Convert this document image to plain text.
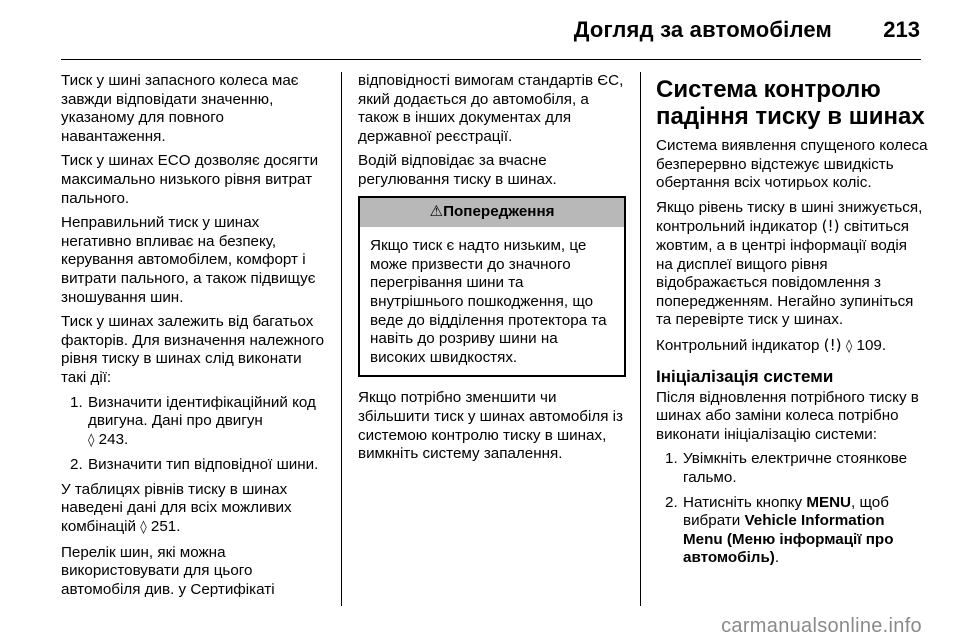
Догляд за автомобілем 213

Тиск у шині запасного колеса має завжди відповідати значенню, указаному для повного навантаження.

Тиск у шинах ECO дозволяє досягти максимально низького рівня витрат пального.

Неправильний тиск у шинах негативно впливає на безпеку, керування автомобілем, комфорт і витрати пального, а також підвищує зношування шин.

Тиск у шинах залежить від багатьох факторів. Для визначення належного рівня тиску в шинах слід виконати такі дії:

1. Визначити ідентифікаційний код двигуна. Дані про двигун
◊ 243.
2. Визначити тип відповідної шини.

У таблицях рівнів тиску в шинах наведені дані для всіх можливих комбінацій ◊ 251.

Перелік шин, які можна використовувати для цього автомобіля див. у Сертифікаті

відповідності вимогам стандартів ЄС, який додається до автомобіля, а також в інших документах для державної реєстрації.

Водій відповідає за вчасне регулювання тиску в шинах.

⚠Попередження
Якщо тиск є надто низьким, це може призвести до значного перегрівання шини та внутрішнього пошкодження, що веде до відділення протектора та навіть до розриву шини на високих швидкостях.

Якщо потрібно зменшити чи збільшити тиск у шинах автомобіля із системою контролю тиску в шинах, вимкніть систему запалення.

Система контролю падіння тиску в шинах

Система виявлення спущеного колеса безперервно відстежує швидкість обертання всіх чотирьох коліс.

Якщо рівень тиску в шині знижується, контрольний індикатор (!) світиться жовтим, а в центрі інформації водія на дисплеї вищого рівня відображається повідомлення з попередженням. Негайно зупиніться та перевірте тиск у шинах.

Контрольний індикатор (!) ◊ 109.

Ініціалізація системи

Після відновлення потрібного тиску в шинах або заміни колеса потрібно виконати ініціалізацію системи:

1. Увімкніть електричне стоянкове гальмо.
2. Натисніть кнопку MENU, щоб вибрати Vehicle Information Menu (Меню інформації про автомобіль).
carmanualsonline.info
